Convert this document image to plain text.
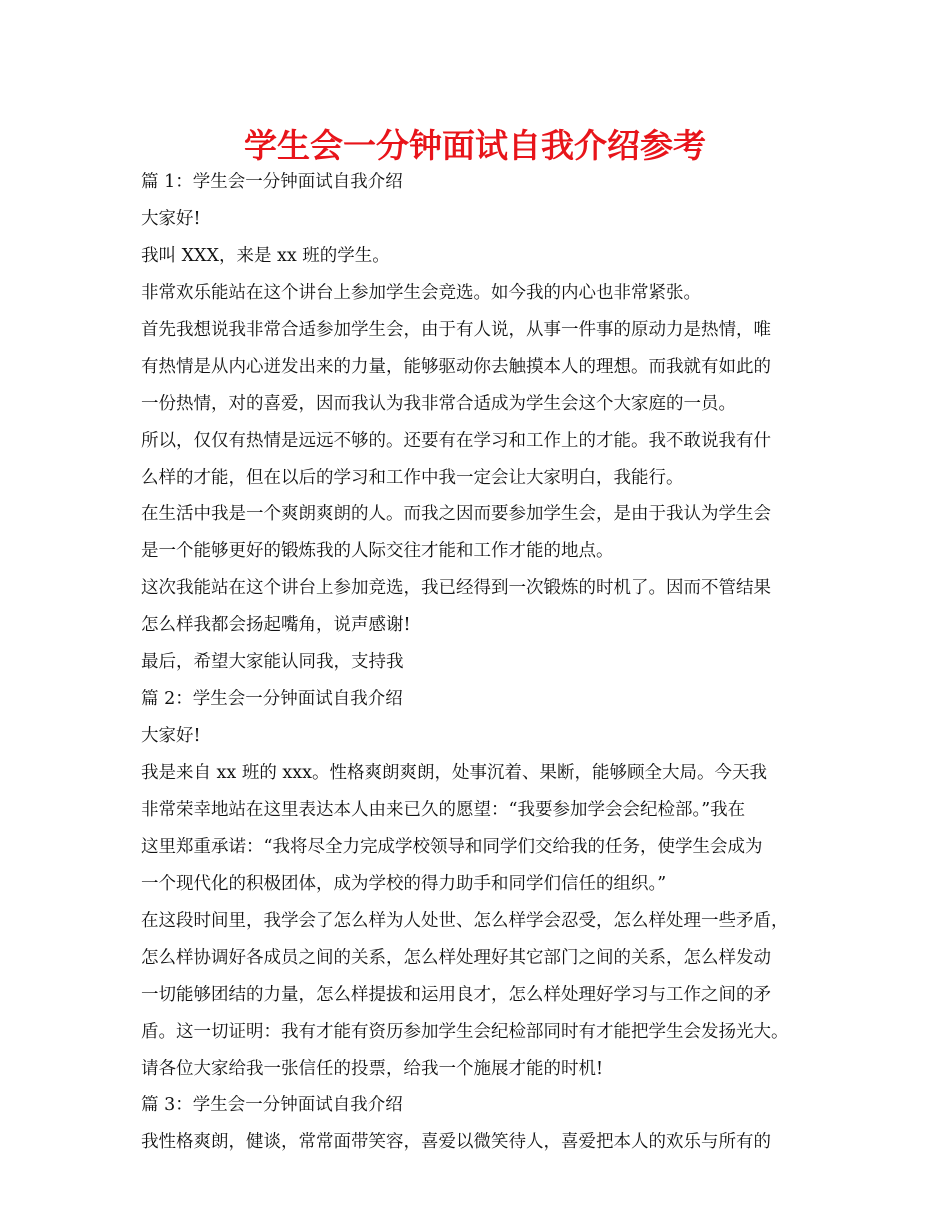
学生会一分钟面试自我介绍参考
篇 1：学生会一分钟面试自我介绍
大家好!
我叫 XXX，来是 xx 班的学生。
非常欢乐能站在这个讲台上参加学生会竞选。如今我的内心也非常紧张。
首先我想说我非常合适参加学生会，由于有人说，从事一件事的原动力是热情，唯
有热情是从内心迸发出来的力量，能够驱动你去触摸本人的理想。而我就有如此的
一份热情，对的喜爱，因而我认为我非常合适成为学生会这个大家庭的一员。
所以，仅仅有热情是远远不够的。还要有在学习和工作上的才能。我不敢说我有什
么样的才能，但在以后的学习和工作中我一定会让大家明白，我能行。
在生活中我是一个爽朗爽朗的人。而我之因而要参加学生会，是由于我认为学生会
是一个能够更好的锻炼我的人际交往才能和工作才能的地点。
这次我能站在这个讲台上参加竞选，我已经得到一次锻炼的时机了。因而不管结果
怎么样我都会扬起嘴角，说声感谢!
最后，希望大家能认同我，支持我
篇 2：学生会一分钟面试自我介绍
大家好!
我是来自 xx 班的 xxx。性格爽朗爽朗，处事沉着、果断，能够顾全大局。今天我
非常荣幸地站在这里表达本人由来已久的愿望：“我要参加学会会纪检部。”我在
这里郑重承诺：“我将尽全力完成学校领导和同学们交给我的任务，使学生会成为
一个现代化的积极团体，成为学校的得力助手和同学们信任的组织。”
在这段时间里，我学会了怎么样为人处世、怎么样学会忍受，怎么样处理一些矛盾，
怎么样协调好各成员之间的关系，怎么样处理好其它部门之间的关系，怎么样发动
一切能够团结的力量，怎么样提拔和运用良才，怎么样处理好学习与工作之间的矛
盾。这一切证明：我有才能有资历参加学生会纪检部同时有才能把学生会发扬光大。
请各位大家给我一张信任的投票，给我一个施展才能的时机!
篇 3：学生会一分钟面试自我介绍
我性格爽朗，健谈，常常面带笑容，喜爱以微笑待人，喜爱把本人的欢乐与所有的
